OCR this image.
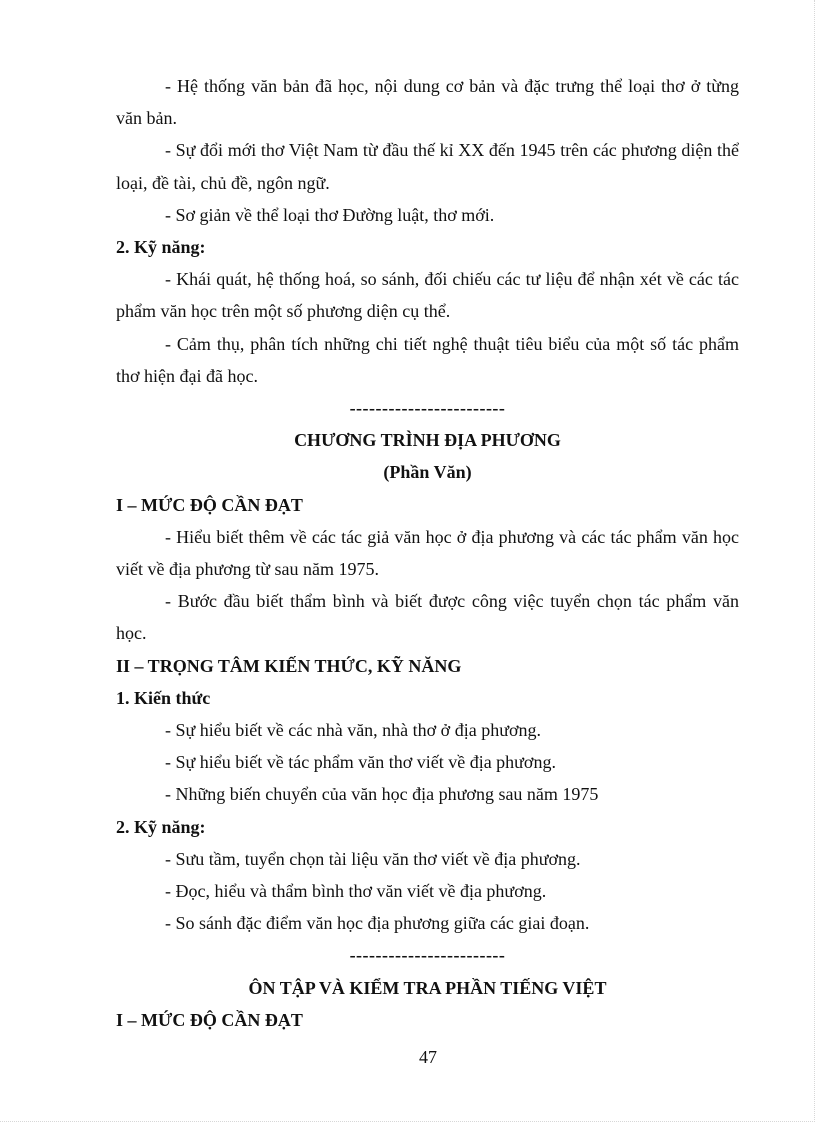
- Hệ thống văn bản đã học, nội dung cơ bản và đặc trưng thể loại thơ ở từng văn bản.

- Sự đổi mới thơ Việt Nam từ đầu thế kỉ XX đến 1945 trên các phương diện thể loại, đề tài, chủ đề, ngôn ngữ.

- Sơ giản về thể loại thơ Đường luật, thơ mới.

2. Kỹ năng:

- Khái quát, hệ thống hoá, so sánh, đối chiếu các tư liệu để nhận xét về các tác phẩm văn học trên một số phương diện cụ thể.

- Cảm thụ, phân tích những chi tiết nghệ thuật tiêu biểu của một số tác phẩm thơ hiện đại đã học.

------------------------

CHƯƠNG TRÌNH ĐỊA PHƯƠNG

(Phần Văn)

I – MỨC ĐỘ CẦN ĐẠT

- Hiểu biết thêm về các tác giả văn học ở địa phương và các tác phẩm văn học viết về địa phương từ sau năm 1975.

- Bước đầu biết thẩm bình và biết được công việc tuyển chọn tác phẩm văn học.

II – TRỌNG TÂM KIẾN THỨC, KỸ NĂNG

1. Kiến thức

- Sự hiểu biết về các nhà văn, nhà thơ ở địa phương.

- Sự hiểu biết về tác phẩm văn thơ viết về địa phương.

- Những biến chuyển của văn học địa phương sau năm 1975

2. Kỹ năng:

- Sưu tầm, tuyển chọn tài liệu văn thơ viết về địa phương.

- Đọc, hiểu và thẩm bình thơ văn viết về địa phương.

- So sánh đặc điểm văn học địa phương giữa các giai đoạn.

------------------------

ÔN TẬP VÀ KIỂM TRA PHẦN TIẾNG VIỆT

I – MỨC ĐỘ CẦN ĐẠT

47
